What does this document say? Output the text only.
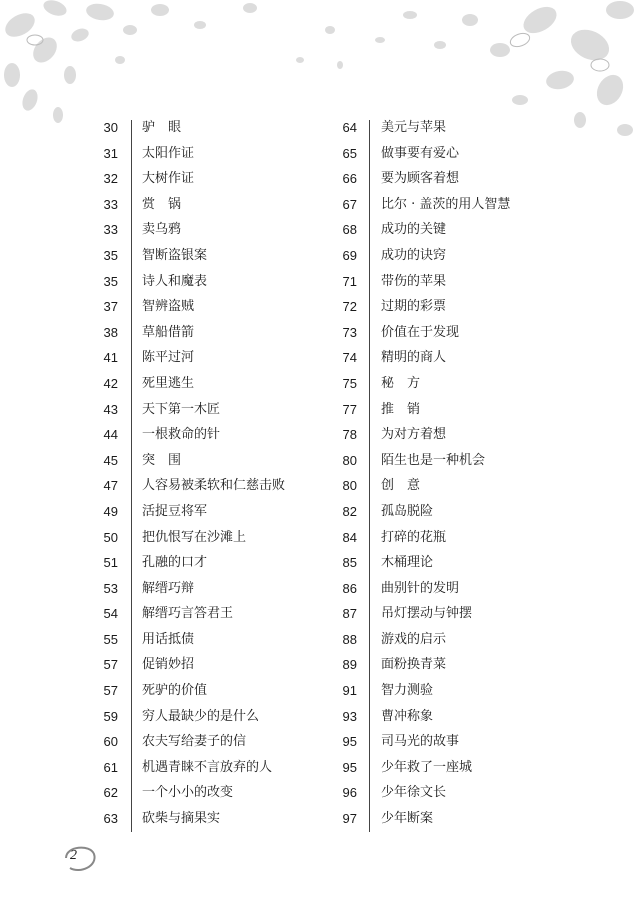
30 驴　眼
31 太阳作证
32 大树作证
33 赏　锅
33 卖乌鸦
35 智断盗银案
35 诗人和魔表
37 智辨盗贼
38 草船借箭
41 陈平过河
42 死里逃生
43 天下第一木匠
44 一根救命的针
45 突　围
47 人容易被柔软和仁慈击败
49 活捉豆将军
50 把仇恨写在沙滩上
51 孔融的口才
53 解缙巧辩
54 解缙巧言答君王
55 用话抵债
57 促销妙招
57 死驴的价值
59 穷人最缺少的是什么
60 农夫写给妻子的信
61 机遇青睐不言放弃的人
62 一个小小的改变
63 砍柴与摘果实
64 美元与苹果
65 做事要有爱心
66 要为顾客着想
67 比尔 · 盖茨的用人智慧
68 成功的关键
69 成功的诀窍
71 带伤的苹果
72 过期的彩票
73 价值在于发现
74 精明的商人
75 秘　方
77 推　销
78 为对方着想
80 陌生也是一种机会
80 创　意
82 孤岛脱险
84 打碎的花瓶
85 木桶理论
86 曲别针的发明
87 吊灯摆动与钟摆
88 游戏的启示
89 面粉换青菜
91 智力测验
93 曹冲称象
95 司马光的故事
95 少年救了一座城
96 少年徐文长
97 少年断案
2
